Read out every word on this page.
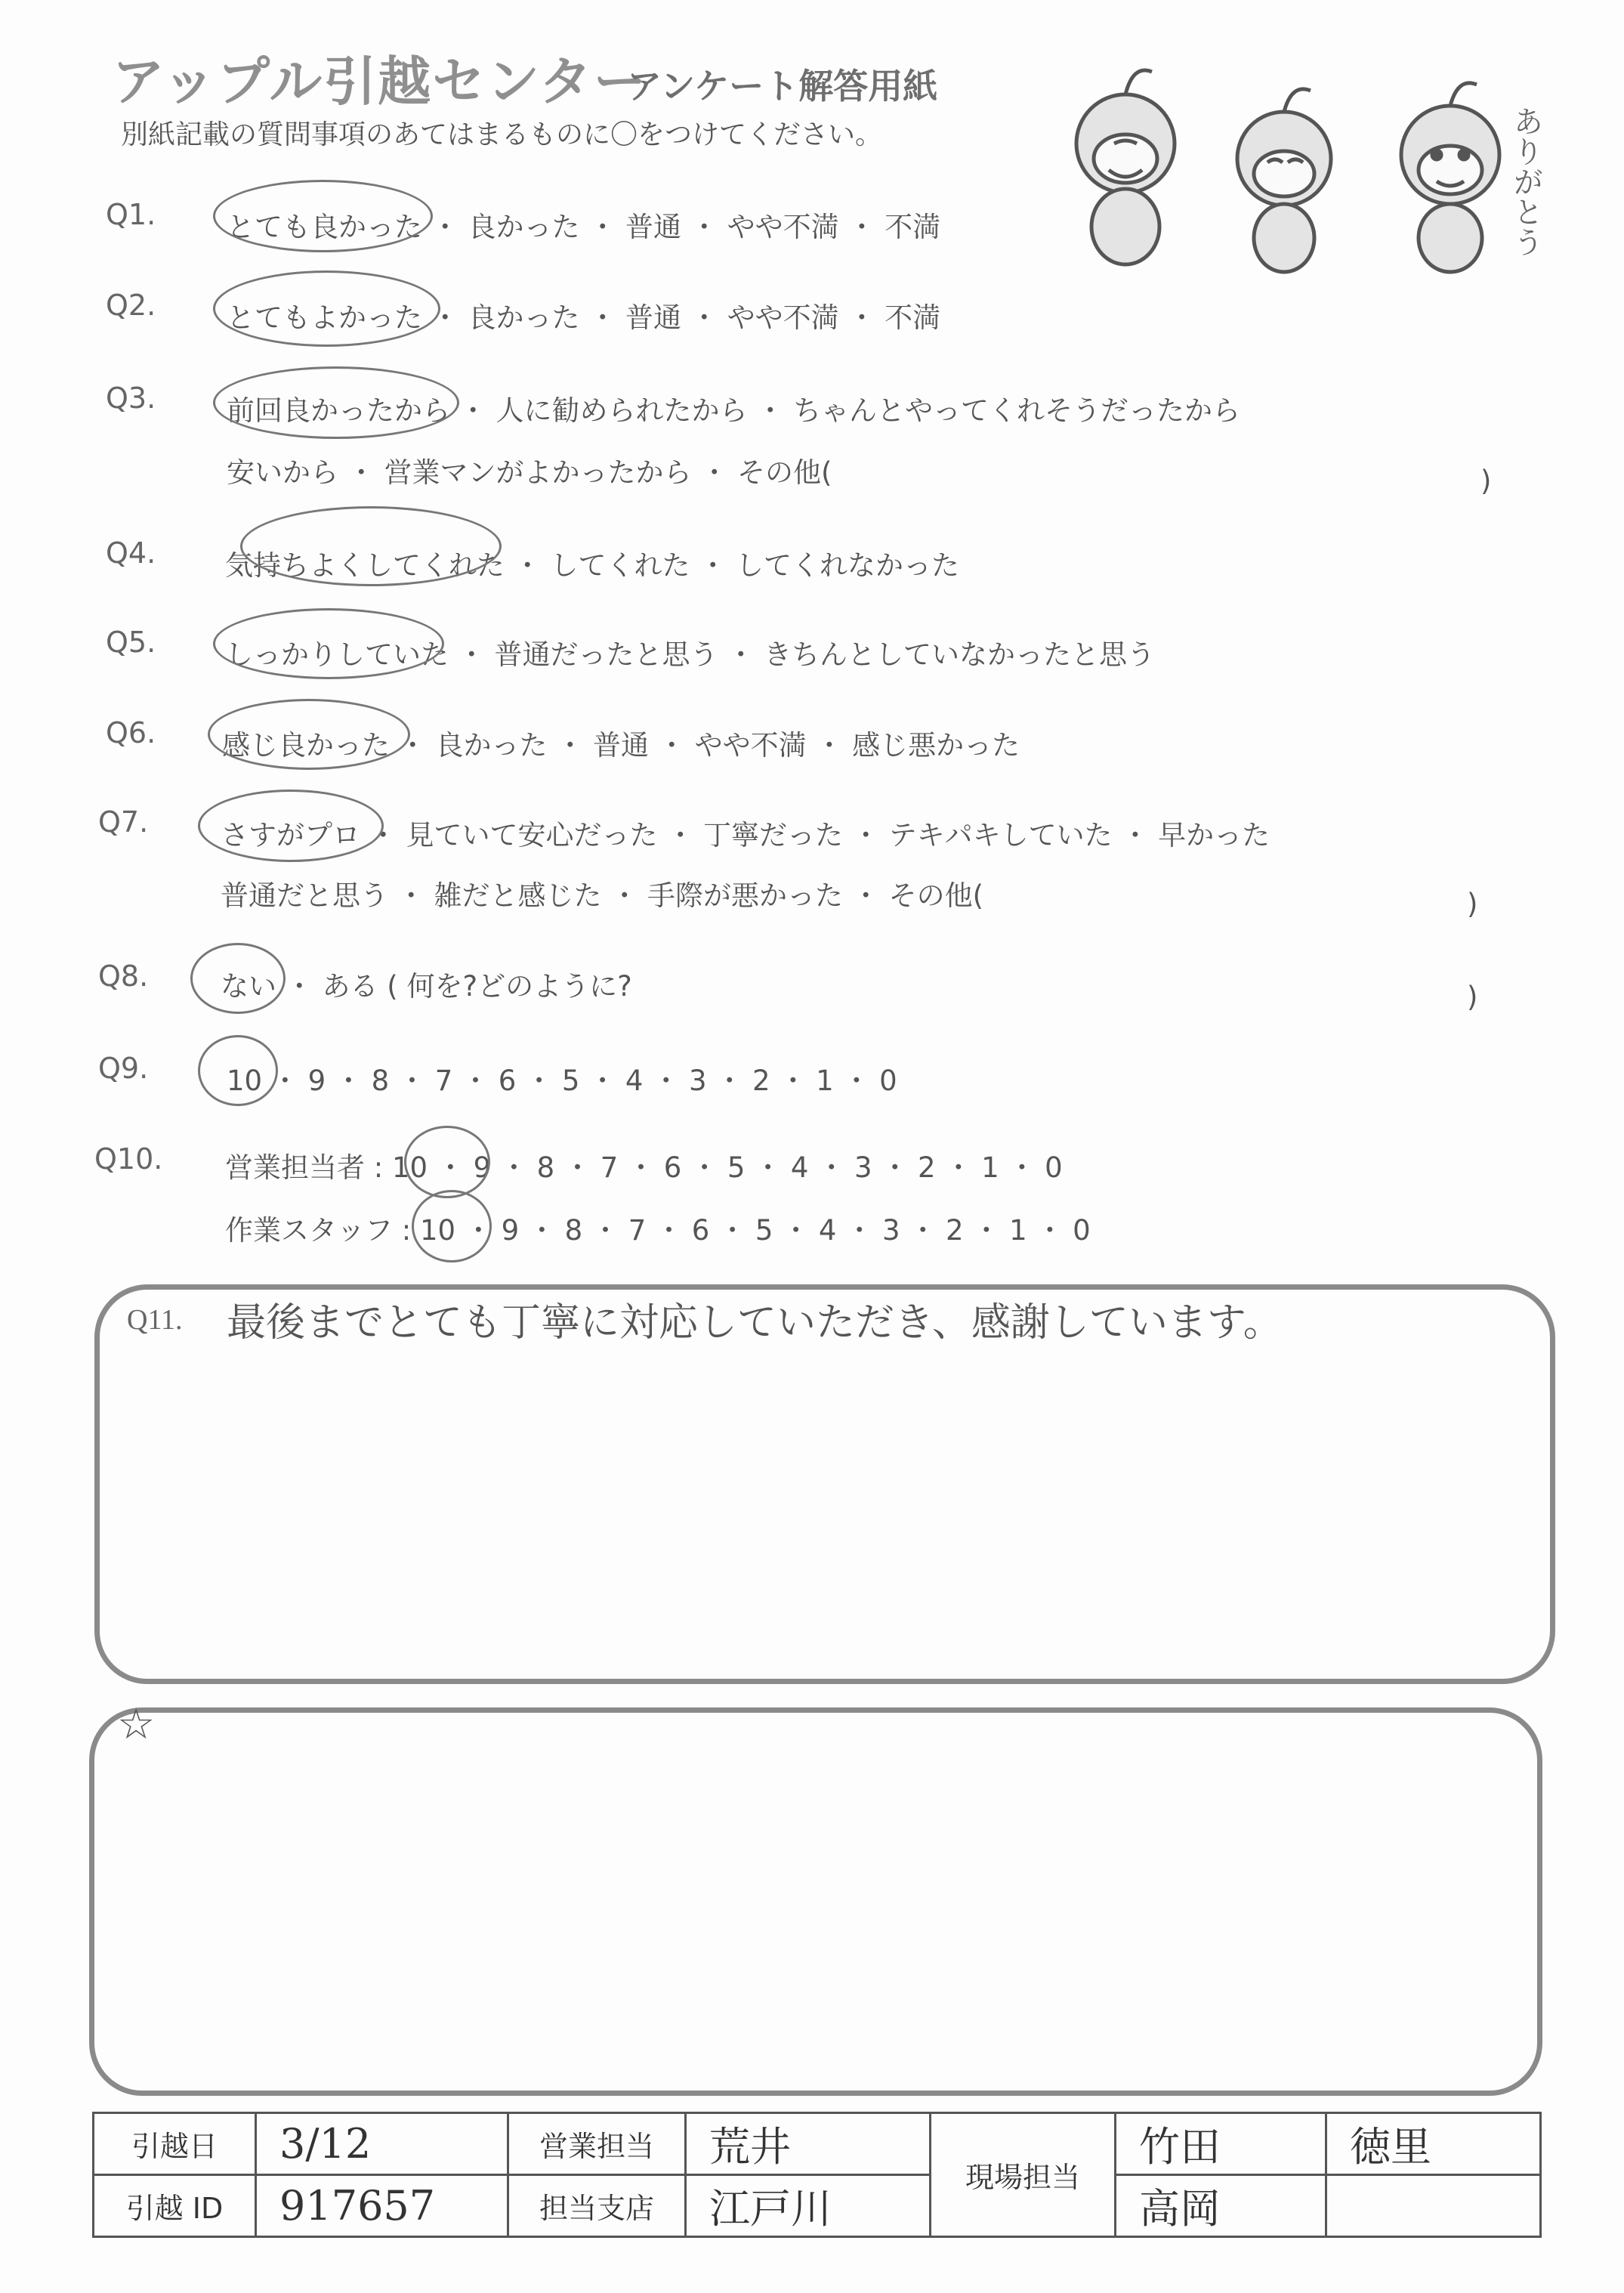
アップル引越センター
アンケート解答用紙
別紙記載の質問事項のあてはまるものに〇をつけてください。	ありがとう
Q1.	とても良かった ・ 良かった ・ 普通 ・ やや不満 ・ 不満
Q2.	とてもよかった ・ 良かった ・ 普通 ・ やや不満 ・ 不満
Q3.	前回良かったから ・ 人に勧められたから ・ ちゃんとやってくれそうだったから
安いから ・ 営業マンがよかったから ・ その他(	)
Q4. 気持ちよくしてくれた ・ してくれた ・ してくれなかった
Q5. しっかりしていた ・ 普通だったと思う ・ きちんとしていなかったと思う
Q6. 感じ良かった ・ 良かった ・ 普通 ・ やや不満 ・ 感じ悪かった
Q7.	さすがプロ ・ 見ていて安心だった ・ 丁寧だった ・ テキパキしていた ・ 早かった
普通だと思う ・ 雑だと感じた ・ 手際が悪かった ・ その他(	)
Q8.	ない ・ ある ( 何を?どのように?	)
Q9.	10 ・ 9 ・ 8 ・ 7 ・ 6 ・ 5 ・ 4 ・ 3 ・ 2 ・ 1 ・ 0
Q10. 営業担当者 : 10 ・ 9 ・ 8 ・ 7 ・ 6 ・ 5 ・ 4 ・ 3 ・ 2 ・ 1 ・ 0
作業スタッフ : 10 ・ 9 ・ 8 ・ 7 ・ 6 ・ 5 ・ 4 ・ 3 ・ 2 ・ 1 ・ 0
Q11. 最後までとても丁寧に対応していただき、感謝しています。
☆
引越日	3/12	営業担当	荒井	現場担当	竹田	徳里
引越 ID	917657	担当支店	江戸川		高岡	
